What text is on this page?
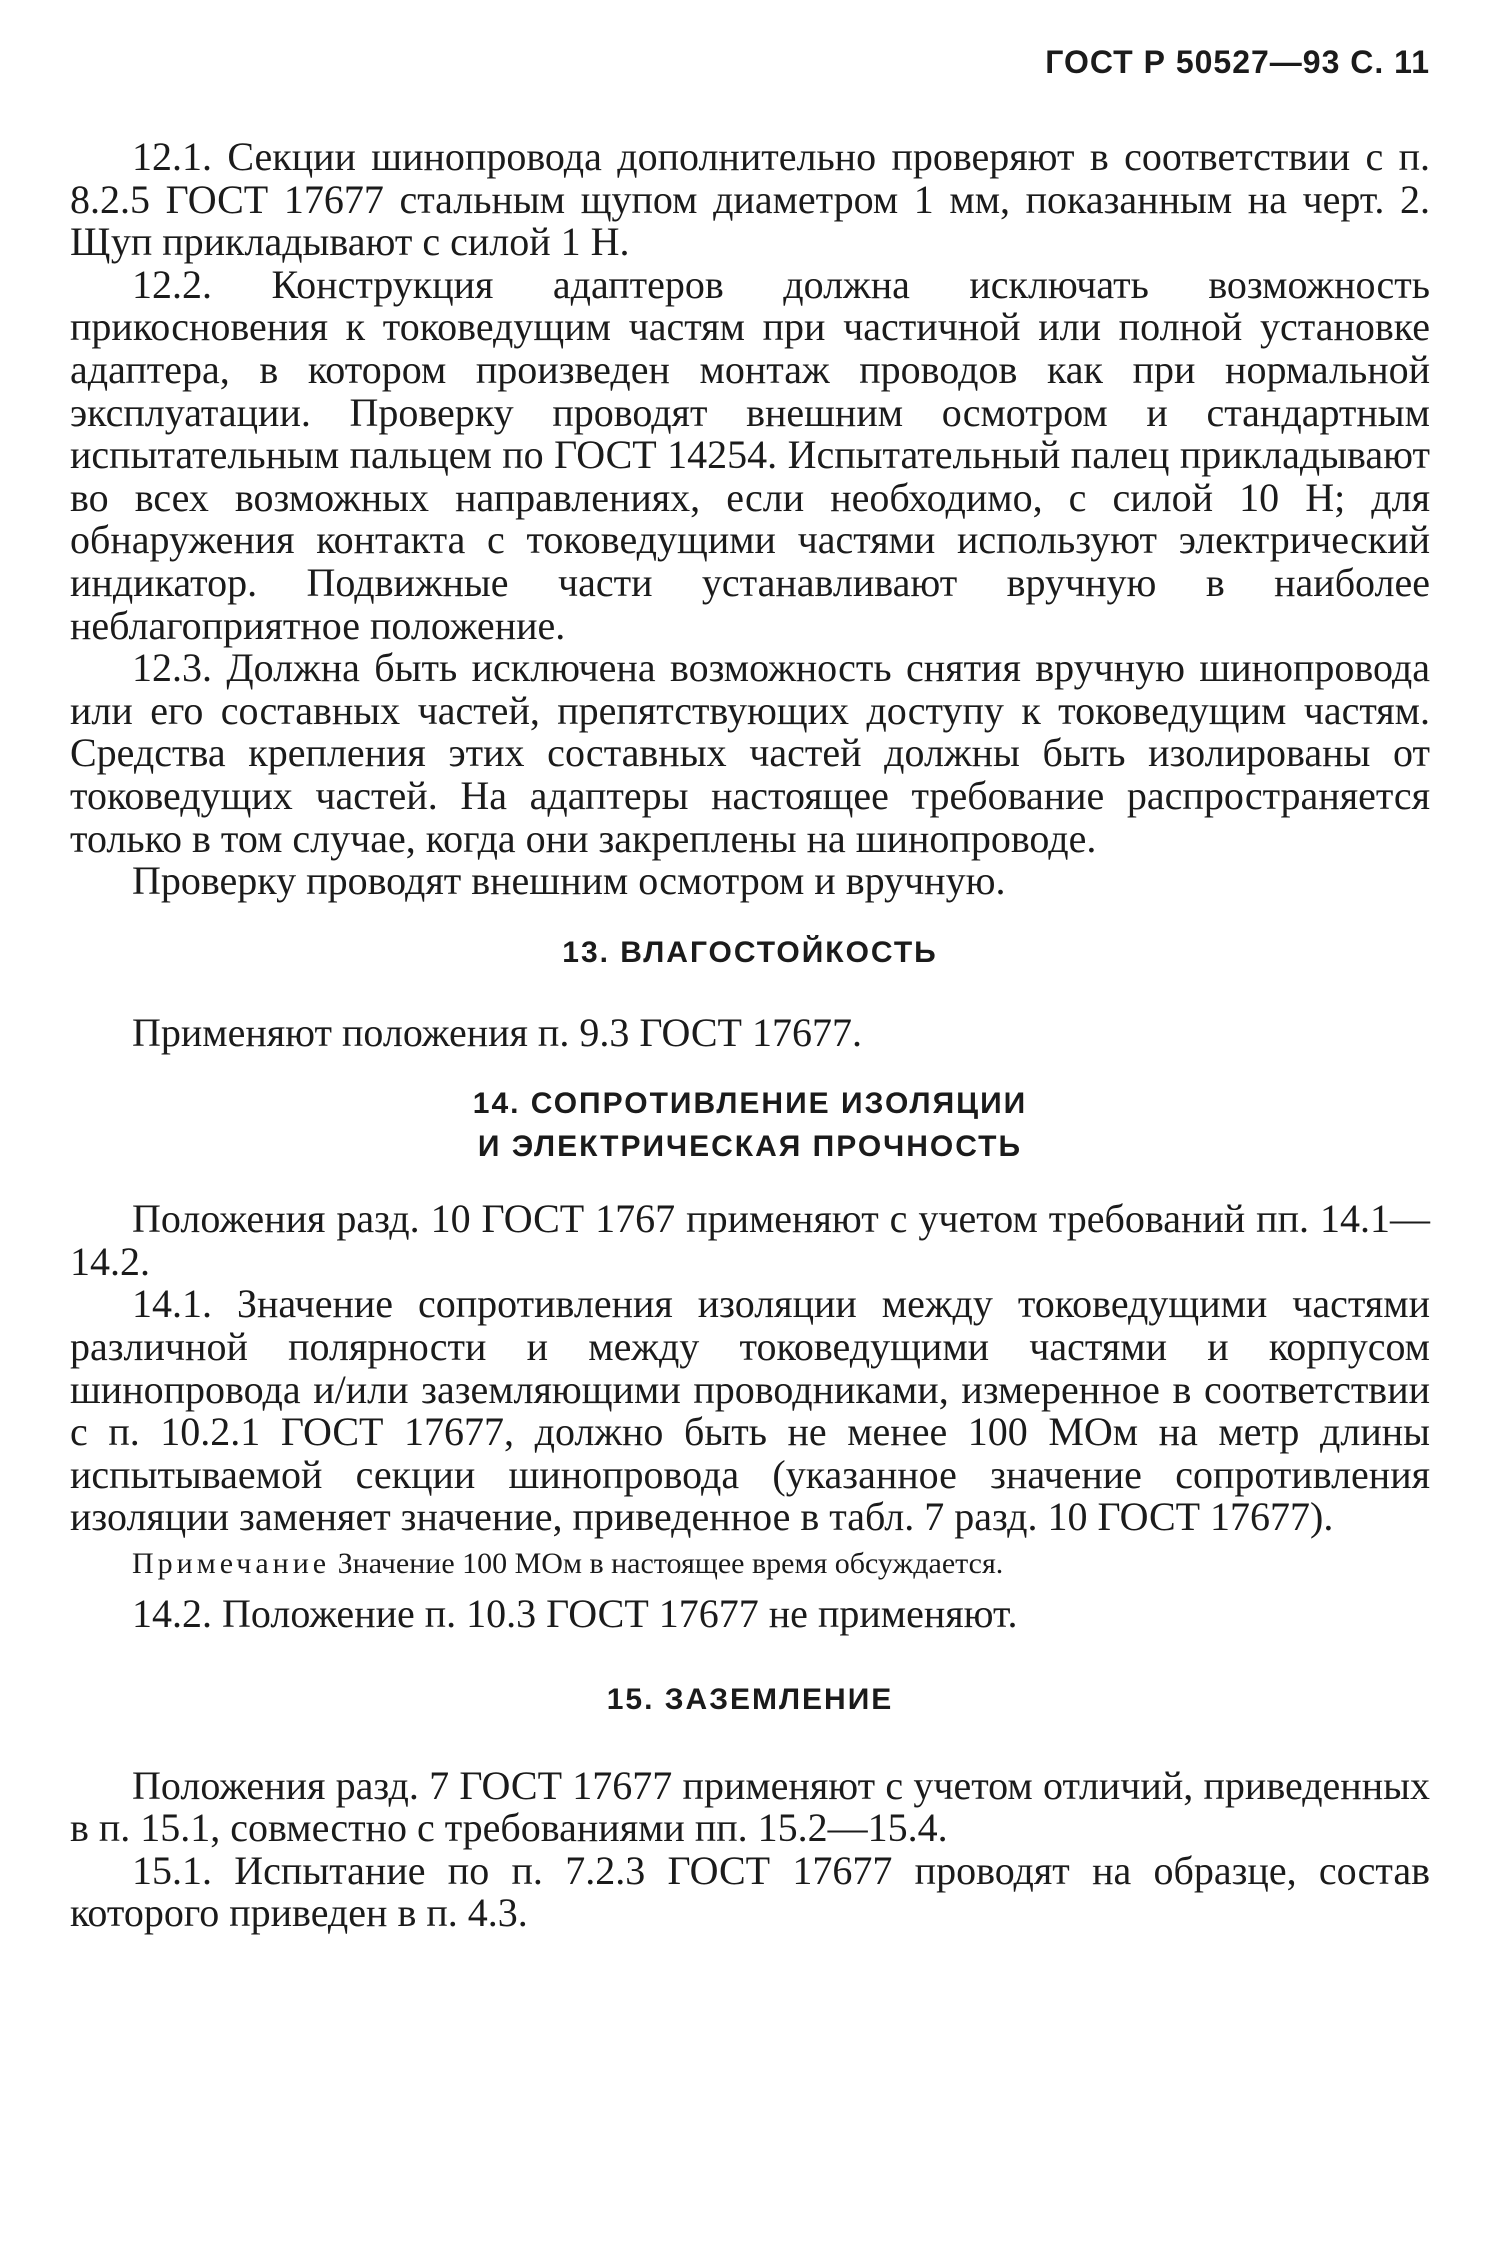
ГОСТ Р 50527—93 С. 11

12.1. Секции шинопровода дополнительно проверяют в соответствии с п. 8.2.5 ГОСТ 17677 стальным щупом диаметром 1 мм, показанным на черт. 2. Щуп прикладывают с силой 1 Н.

12.2. Конструкция адаптеров должна исключать возможность прикосновения к токоведущим частям при частичной или полной установке адаптера, в котором произведен монтаж проводов как при нормальной эксплуатации. Проверку проводят внешним осмотром и стандартным испытательным пальцем по ГОСТ 14254. Испытательный палец прикладывают во всех возможных направлениях, если необходимо, с силой 10 Н; для обнаружения контакта с токоведущими частями используют электрический индикатор. Подвижные части устанавливают вручную в наиболее неблагоприятное положение.

12.3. Должна быть исключена возможность снятия вручную шинопровода или его составных частей, препятствующих доступу к токоведущим частям. Средства крепления этих составных частей должны быть изолированы от токоведущих частей. На адаптеры настоящее требование распространяется только в том случае, когда они закреплены на шинопроводе.

Проверку проводят внешним осмотром и вручную.

13. ВЛАГОСТОЙКОСТЬ

Применяют положения п. 9.3 ГОСТ 17677.

14. СОПРОТИВЛЕНИЕ ИЗОЛЯЦИИ
И ЭЛЕКТРИЧЕСКАЯ ПРОЧНОСТЬ

Положения разд. 10 ГОСТ 1767 применяют с учетом требований пп. 14.1—14.2.

14.1. Значение сопротивления изоляции между токоведущими частями различной полярности и между токоведущими частями и корпусом шинопровода и/или заземляющими проводниками, измеренное в соответствии с п. 10.2.1 ГОСТ 17677, должно быть не менее 100 МОм на метр длины испытываемой секции шинопровода (указанное значение сопротивления изоляции заменяет значение, приведенное в табл. 7 разд. 10 ГОСТ 17677).

Примечание Значение 100 МОм в настоящее время обсуждается.

14.2. Положение п. 10.3 ГОСТ 17677 не применяют.

15. ЗАЗЕМЛЕНИЕ

Положения разд. 7 ГОСТ 17677 применяют с учетом отличий, приведенных в п. 15.1, совместно с требованиями пп. 15.2—15.4.

15.1. Испытание по п. 7.2.3 ГОСТ 17677 проводят на образце, состав которого приведен в п. 4.3.
